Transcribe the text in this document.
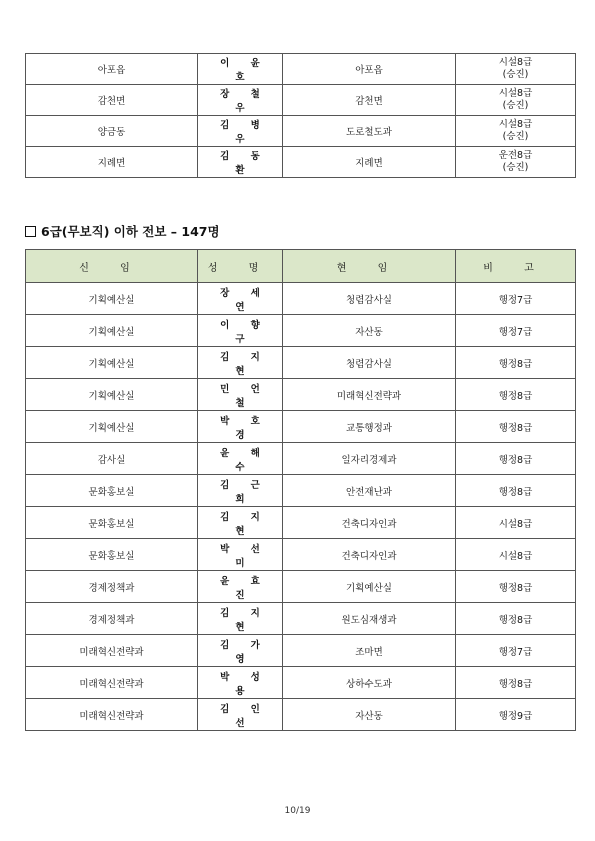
아포읍	이 윤 호	아포읍	시설8급
(승진)

감천면	장 철 우	감천면	시설8급
(승진)

양금동	김 병 우	도로철도과	시설8급
(승진)

지례면	김 동 환	지례면	운전8급
(승진)
6급(무보직) 이하 전보 – 147명
신 임	성 명	현 임	비 고
기획예산실	장 세 연	청렴감사실	행정7급
기획예산실	이 향 구	자산동	행정7급
기획예산실	김 지 현	청렴감사실	행정8급
기획예산실	민 언 철	미래혁신전략과	행정8급
기획예산실	박 호 경	교통행정과	행정8급
감사실	윤 해 수	일자리경제과	행정8급
문화홍보실	김 근 희	안전재난과	행정8급
문화홍보실	김 지 현	건축디자인과	시설8급
문화홍보실	박 선 미	건축디자인과	시설8급
경제정책과	윤 효 진	기획예산실	행정8급
경제정책과	김 지 현	원도심재생과	행정8급
미래혁신전략과	김 가 영	조마면	행정7급
미래혁신전략과	박 성 용	상하수도과	행정8급
미래혁신전략과	김 인 선	자산동	행정9급
10/19
